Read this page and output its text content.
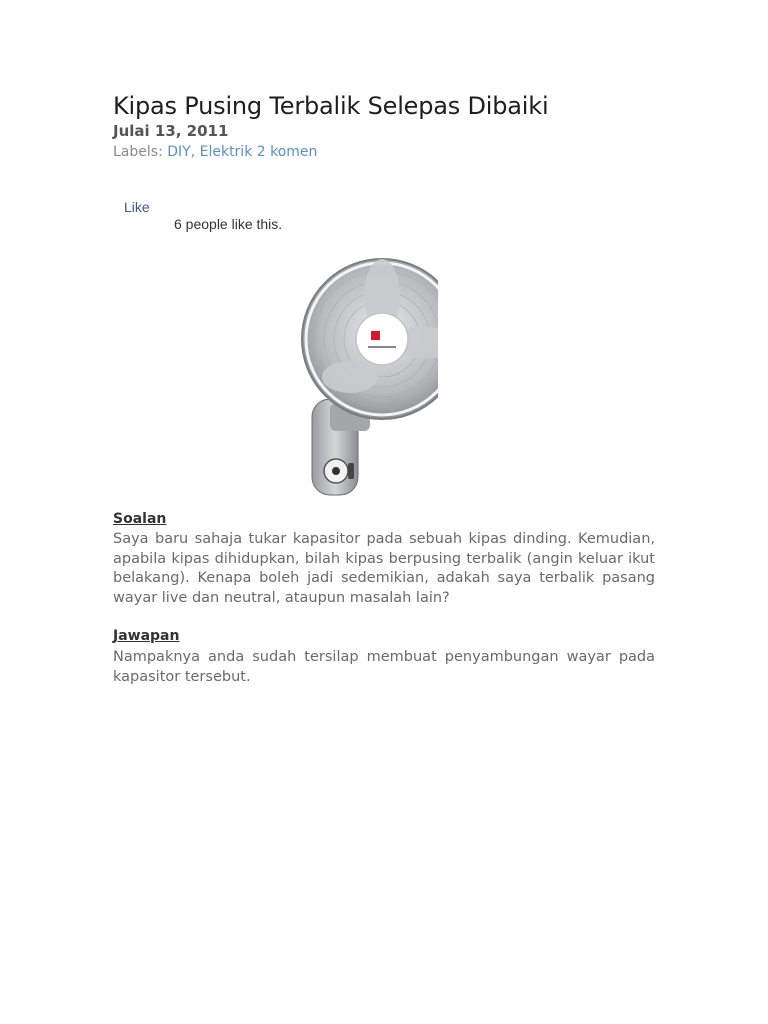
Kipas Pusing Terbalik Selepas Dibaiki
Julai 13, 2011
Labels: DIY, Elektrik 2 komen
Like
6 people like this.
Soalan

Saya baru sahaja tukar kapasitor pada sebuah kipas dinding. Kemudian, apabila kipas dihidupkan, bilah kipas berpusing terbalik (angin keluar ikut belakang). Kenapa boleh jadi sedemikian, adakah saya terbalik pasang wayar live dan neutral, ataupun masalah lain?

Jawapan

Nampaknya anda sudah tersilap membuat penyambungan wayar pada kapasitor tersebut.
